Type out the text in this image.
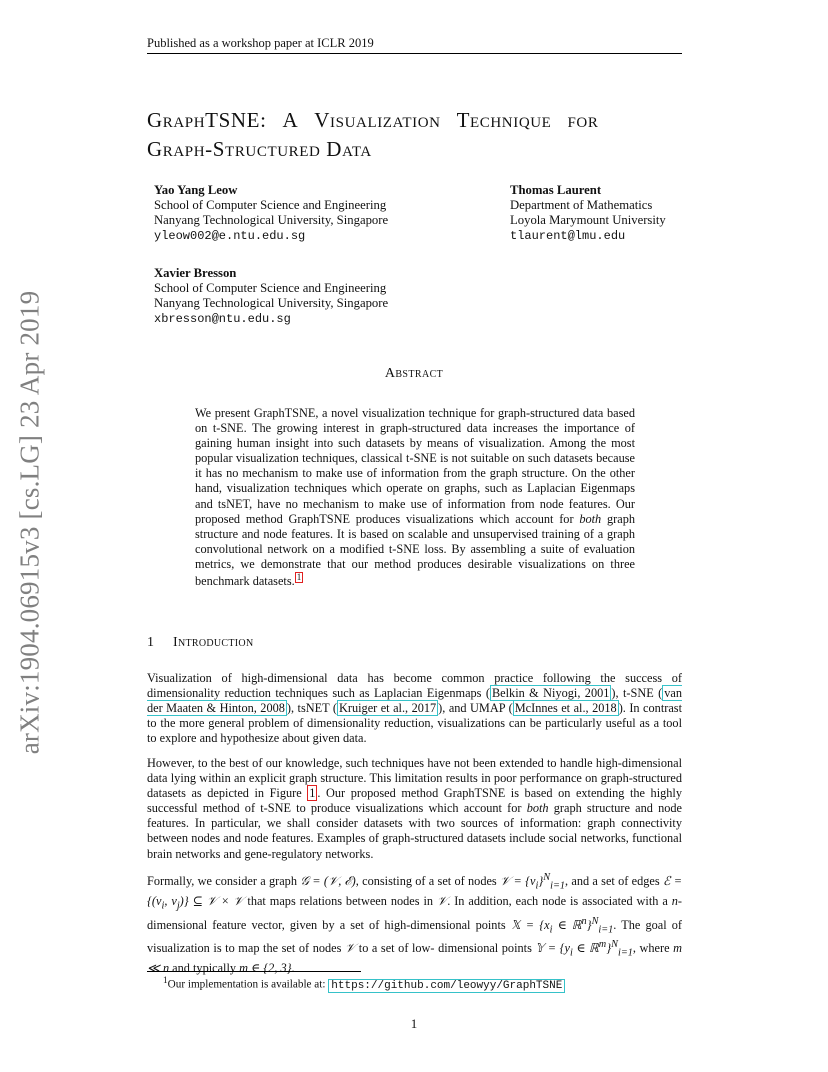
Published as a workshop paper at ICLR 2019
arXiv:1904.06915v3 [cs.LG] 23 Apr 2019
GraphTSNE: A Visualization Technique for
Graph-Structured Data
Yao Yang Leow
School of Computer Science and Engineering
Nanyang Technological University, Singapore
yleow002@e.ntu.edu.sg
Thomas Laurent
Department of Mathematics
Loyola Marymount University
tlaurent@lmu.edu
Xavier Bresson
School of Computer Science and Engineering
Nanyang Technological University, Singapore
xbresson@ntu.edu.sg
Abstract
We present GraphTSNE, a novel visualization technique for graph-structured data based on t-SNE. The growing interest in graph-structured data increases the importance of gaining human insight into such datasets by means of visualization. Among the most popular visualization techniques, classical t-SNE is not suitable on such datasets because it has no mechanism to make use of information from the graph structure. On the other hand, visualization techniques which operate on graphs, such as Laplacian Eigenmaps and tsNET, have no mechanism to make use of information from node features. Our proposed method GraphTSNE produces visualizations which account for both graph structure and node features. It is based on scalable and unsupervised training of a graph convolutional network on a modified t-SNE loss. By assembling a suite of evaluation metrics, we demonstrate that our method produces desirable visualizations on three benchmark datasets. 1
1 Introduction
Visualization of high-dimensional data has become common practice following the success of dimensionality reduction techniques such as Laplacian Eigenmaps ( Belkin & Niyogi, 2001 ), t-SNE ( van der Maaten & Hinton, 2008 ), tsNET ( Kruiger et al., 2017 ), and UMAP ( McInnes et al., 2018 ). In contrast to the more general problem of dimensionality reduction, visualizations can be particularly useful as a tool to explore and hypothesize about given data.
However, to the best of our knowledge, such techniques have not been extended to handle high-dimensional data lying within an explicit graph structure. This limitation results in poor performance on graph-structured datasets as depicted in Figure 1 . Our proposed method GraphTSNE is based on extending the highly successful method of t-SNE to produce visualizations which account for both graph structure and node features. In particular, we shall consider datasets with two sources of information: graph connectivity between nodes and node features. Examples of graph-structured datasets include social networks, functional brain networks and gene-regulatory networks.
Formally, we consider a graph 𝒢 = (𝒱, ℰ), consisting of a set of nodes 𝒱 = $\{v_i\}^N_{i=1}$, and a set of edges ℰ = {($v_i$, $v_j$)} ⊆ 𝒱 × 𝒱 that maps relations between nodes in 𝒱. In addition, each node is associated with a n-dimensional feature vector, given by a set of high-dimensional points 𝕏 = {$x_i$ ∈ ℝ$^n$}$^N_{i=1}$. The goal of visualization is to map the set of nodes 𝒱 to a set of low- dimensional points 𝕐 = {$y_i$ ∈ ℝ$^m$}$^N_{i=1}$, where m ≪ n and typically m ∈ {2, 3}.
$^1$Our implementation is available at: https://github.com/leowyy/GraphTSNE
1
